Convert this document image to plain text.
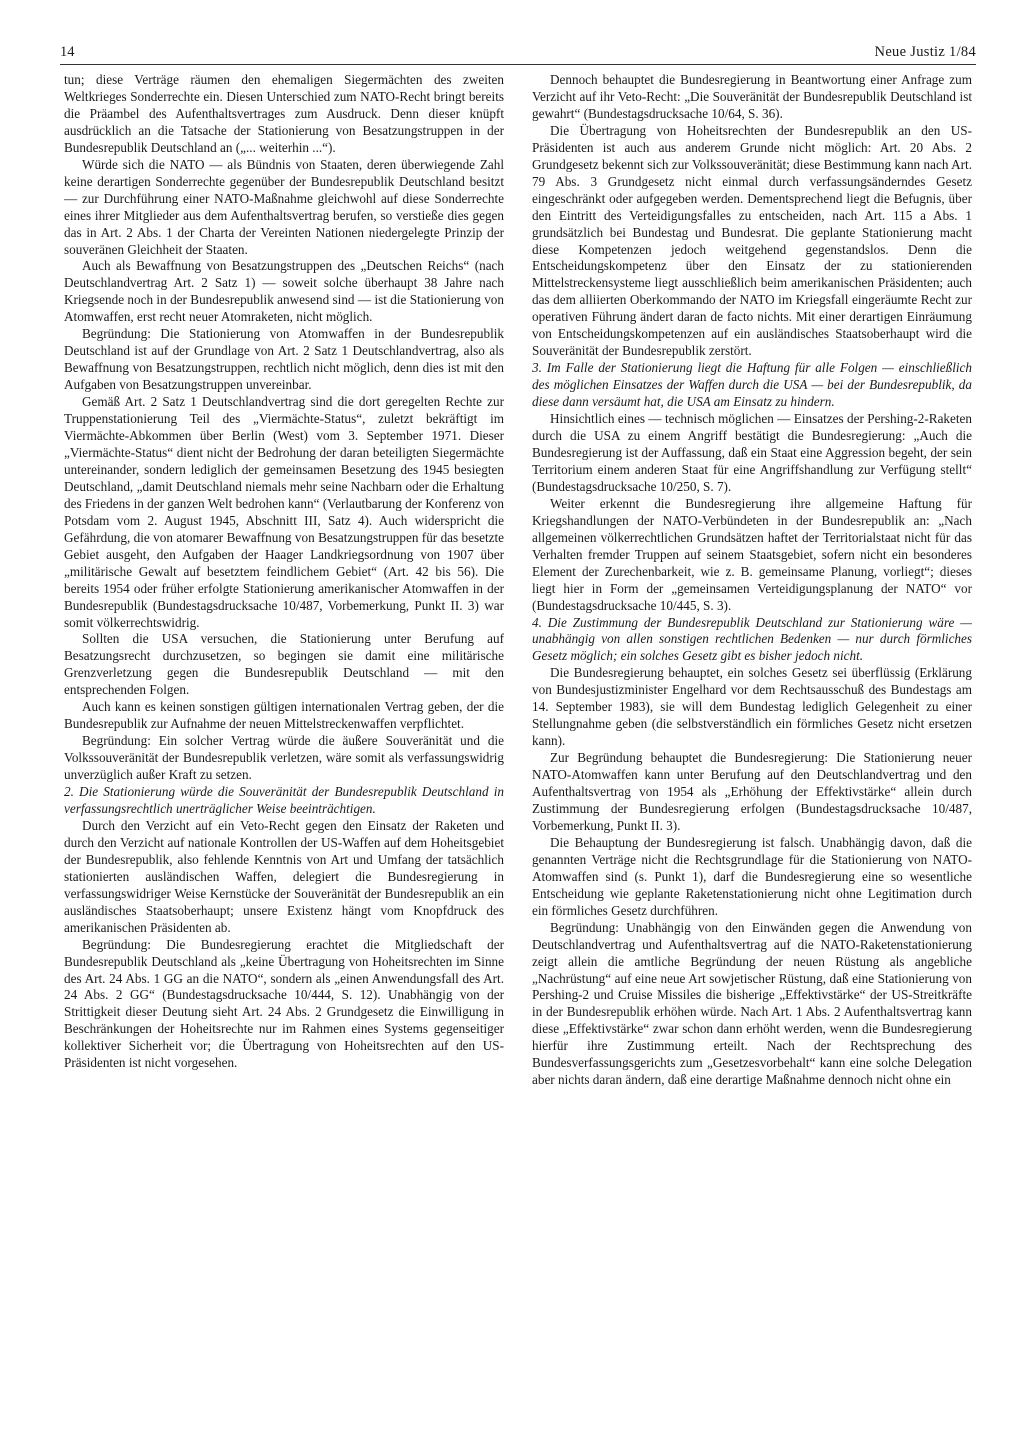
14	Neue Justiz 1/84

tun; diese Verträge räumen den ehemaligen Siegermächten des zweiten Weltkrieges Sonderrechte ein. Diesen Unterschied zum NATO-Recht bringt bereits die Präambel des Aufenthaltsvertrages zum Ausdruck. Denn dieser knüpft ausdrücklich an die Tatsache der Stationierung von Besatzungstruppen in der Bundesrepublik Deutschland an („... weiterhin ...“).

Würde sich die NATO — als Bündnis von Staaten, deren überwiegende Zahl keine derartigen Sonderrechte gegenüber der Bundesrepublik Deutschland besitzt — zur Durchführung einer NATO-Maßnahme gleichwohl auf diese Sonderrechte eines ihrer Mitglieder aus dem Aufenthaltsvertrag berufen, so verstieße dies gegen das in Art. 2 Abs. 1 der Charta der Vereinten Nationen niedergelegte Prinzip der souveränen Gleichheit der Staaten.

Auch als Bewaffnung von Besatzungstruppen des „Deutschen Reichs“ (nach Deutschlandvertrag Art. 2 Satz 1) — soweit solche überhaupt 38 Jahre nach Kriegsende noch in der Bundesrepublik anwesend sind — ist die Stationierung von Atomwaffen, erst recht neuer Atomraketen, nicht möglich.

Begründung: Die Stationierung von Atomwaffen in der Bundesrepublik Deutschland ist auf der Grundlage von Art. 2 Satz 1 Deutschlandvertrag, also als Bewaffnung von Besatzungstruppen, rechtlich nicht möglich, denn dies ist mit den Aufgaben von Besatzungstruppen unvereinbar.

Gemäß Art. 2 Satz 1 Deutschlandvertrag sind die dort geregelten Rechte zur Truppenstationierung Teil des „Viermächte-Status“, zuletzt bekräftigt im Viermächte-Abkommen über Berlin (West) vom 3. September 1971. Dieser „Viermächte-Status“ dient nicht der Bedrohung der daran beteiligten Siegermächte untereinander, sondern lediglich der gemeinsamen Besetzung des 1945 besiegten Deutschland, „damit Deutschland niemals mehr seine Nachbarn oder die Erhaltung des Friedens in der ganzen Welt bedrohen kann“ (Verlautbarung der Konferenz von Potsdam vom 2. August 1945, Abschnitt III, Satz 4). Auch widerspricht die Gefährdung, die von atomarer Bewaffnung von Besatzungstruppen für das besetzte Gebiet ausgeht, den Aufgaben der Haager Landkriegsordnung von 1907 über „militärische Gewalt auf besetztem feindlichem Gebiet“ (Art. 42 bis 56). Die bereits 1954 oder früher erfolgte Stationierung amerikanischer Atomwaffen in der Bundesrepublik (Bundestagsdrucksache 10/487, Vorbemerkung, Punkt II. 3) war somit völkerrechtswidrig.

Sollten die USA versuchen, die Stationierung unter Berufung auf Besatzungsrecht durchzusetzen, so begingen sie damit eine militärische Grenzverletzung gegen die Bundesrepublik Deutschland — mit den entsprechenden Folgen.

Auch kann es keinen sonstigen gültigen internationalen Vertrag geben, der die Bundesrepublik zur Aufnahme der neuen Mittelstreckenwaffen verpflichtet.

Begründung: Ein solcher Vertrag würde die äußere Souveränität und die Volkssouveränität der Bundesrepublik verletzen, wäre somit als verfassungswidrig unverzüglich außer Kraft zu setzen.

2. Die Stationierung würde die Souveränität der Bundesrepublik Deutschland in verfassungsrechtlich unerträglicher Weise beeinträchtigen.

Durch den Verzicht auf ein Veto-Recht gegen den Einsatz der Raketen und durch den Verzicht auf nationale Kontrollen der US-Waffen auf dem Hoheitsgebiet der Bundesrepublik, also fehlende Kenntnis von Art und Umfang der tatsächlich stationierten ausländischen Waffen, delegiert die Bundesregierung in verfassungswidriger Weise Kernstücke der Souveränität der Bundesrepublik an ein ausländisches Staatsoberhaupt; unsere Existenz hängt vom Knopfdruck des amerikanischen Präsidenten ab.

Begründung: Die Bundesregierung erachtet die Mitgliedschaft der Bundesrepublik Deutschland als „keine Übertragung von Hoheitsrechten im Sinne des Art. 24 Abs. 1 GG an die NATO“, sondern als „einen Anwendungsfall des Art. 24 Abs. 2 GG“ (Bundestagsdrucksache 10/444, S. 12). Unabhängig von der Strittigkeit dieser Deutung sieht Art. 24 Abs. 2 Grundgesetz die Einwilligung in Beschränkungen der Hoheitsrechte nur im Rahmen eines Systems gegenseitiger kollektiver Sicherheit vor; die Übertragung von Hoheitsrechten auf den US-Präsidenten ist nicht vorgesehen.

Dennoch behauptet die Bundesregierung in Beantwortung einer Anfrage zum Verzicht auf ihr Veto-Recht: „Die Souveränität der Bundesrepublik Deutschland ist gewahrt“ (Bundestagsdrucksache 10/64, S. 36).

Die Übertragung von Hoheitsrechten der Bundesrepublik an den US-Präsidenten ist auch aus anderem Grunde nicht möglich: Art. 20 Abs. 2 Grundgesetz bekennt sich zur Volkssouveränität; diese Bestimmung kann nach Art. 79 Abs. 3 Grundgesetz nicht einmal durch verfassungsänderndes Gesetz eingeschränkt oder aufgegeben werden. Dementsprechend liegt die Befugnis, über den Eintritt des Verteidigungsfalles zu entscheiden, nach Art. 115 a Abs. 1 grundsätzlich bei Bundestag und Bundesrat. Die geplante Stationierung macht diese Kompetenzen jedoch weitgehend gegenstandslos. Denn die Entscheidungskompetenz über den Einsatz der zu stationierenden Mittelstreckensysteme liegt ausschließlich beim amerikanischen Präsidenten; auch das dem alliierten Oberkommando der NATO im Kriegsfall eingeräumte Recht zur operativen Führung ändert daran de facto nichts. Mit einer derartigen Einräumung von Entscheidungskompetenzen auf ein ausländisches Staatsoberhaupt wird die Souveränität der Bundesrepublik zerstört.

3. Im Falle der Stationierung liegt die Haftung für alle Folgen — einschließlich des möglichen Einsatzes der Waffen durch die USA — bei der Bundesrepublik, da diese dann versäumt hat, die USA am Einsatz zu hindern.

Hinsichtlich eines — technisch möglichen — Einsatzes der Pershing-2-Raketen durch die USA zu einem Angriff bestätigt die Bundesregierung: „Auch die Bundesregierung ist der Auffassung, daß ein Staat eine Aggression begeht, der sein Territorium einem anderen Staat für eine Angriffshandlung zur Verfügung stellt“ (Bundestagsdrucksache 10/250, S. 7).

Weiter erkennt die Bundesregierung ihre allgemeine Haftung für Kriegshandlungen der NATO-Verbündeten in der Bundesrepublik an: „Nach allgemeinen völkerrechtlichen Grundsätzen haftet der Territorialstaat nicht für das Verhalten fremder Truppen auf seinem Staatsgebiet, sofern nicht ein besonderes Element der Zurechenbarkeit, wie z. B. gemeinsame Planung, vorliegt“; dieses liegt hier in Form der „gemeinsamen Verteidigungsplanung der NATO“ vor (Bundestagsdrucksache 10/445, S. 3).

4. Die Zustimmung der Bundesrepublik Deutschland zur Stationierung wäre — unabhängig von allen sonstigen rechtlichen Bedenken — nur durch förmliches Gesetz möglich; ein solches Gesetz gibt es bisher jedoch nicht.

Die Bundesregierung behauptet, ein solches Gesetz sei überflüssig (Erklärung von Bundesjustizminister Engelhard vor dem Rechtsausschuß des Bundestags am 14. September 1983), sie will dem Bundestag lediglich Gelegenheit zu einer Stellungnahme geben (die selbstverständlich ein förmliches Gesetz nicht ersetzen kann).

Zur Begründung behauptet die Bundesregierung: Die Stationierung neuer NATO-Atomwaffen kann unter Berufung auf den Deutschlandvertrag und den Aufenthaltsvertrag von 1954 als „Erhöhung der Effektivstärke“ allein durch Zustimmung der Bundesregierung erfolgen (Bundestagsdrucksache 10/487, Vorbemerkung, Punkt II. 3).

Die Behauptung der Bundesregierung ist falsch. Unabhängig davon, daß die genannten Verträge nicht die Rechtsgrundlage für die Stationierung von NATO-Atomwaffen sind (s. Punkt 1), darf die Bundesregierung eine so wesentliche Entscheidung wie geplante Raketenstationierung nicht ohne Legitimation durch ein förmliches Gesetz durchführen.

Begründung: Unabhängig von den Einwänden gegen die Anwendung von Deutschlandvertrag und Aufenthaltsvertrag auf die NATO-Raketenstationierung zeigt allein die amtliche Begründung der neuen Rüstung als angebliche „Nachrüstung“ auf eine neue Art sowjetischer Rüstung, daß eine Stationierung von Pershing-2 und Cruise Missiles die bisherige „Effektivstärke“ der US-Streitkräfte in der Bundesrepublik erhöhen würde. Nach Art. 1 Abs. 2 Aufenthaltsvertrag kann diese „Effektivstärke“ zwar schon dann erhöht werden, wenn die Bundesregierung hierfür ihre Zustimmung erteilt. Nach der Rechtsprechung des Bundesverfassungsgerichts zum „Gesetzesvorbehalt“ kann eine solche Delegation aber nichts daran ändern, daß eine derartige Maßnahme dennoch nicht ohne ein
